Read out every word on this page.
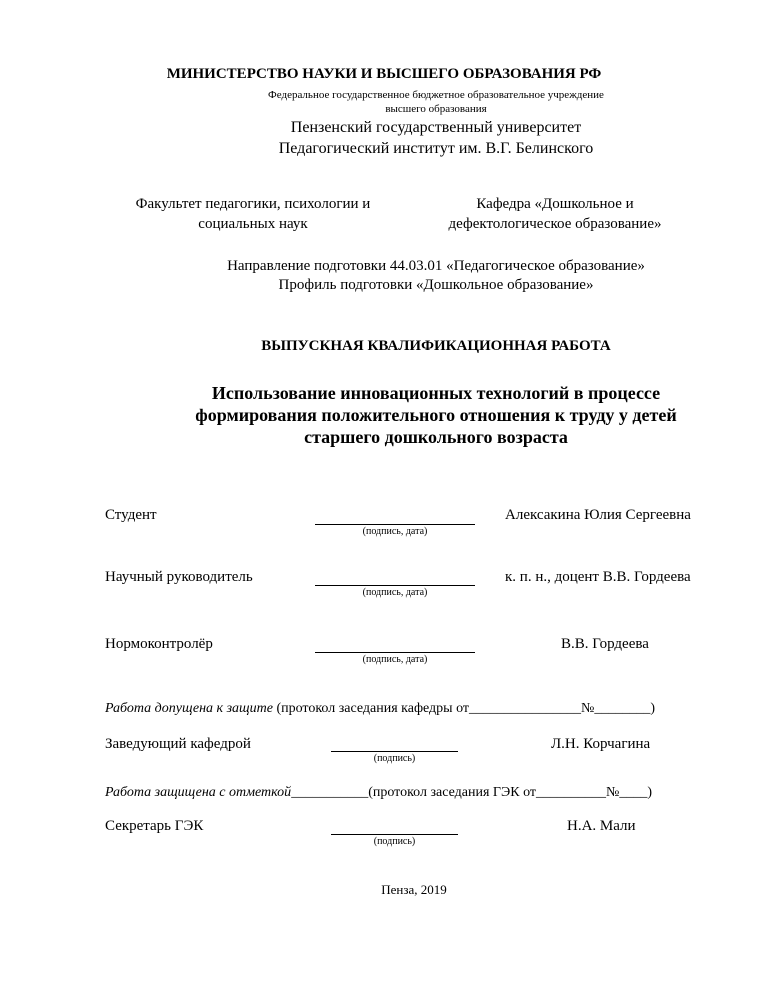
МИНИСТЕРСТВО НАУКИ И ВЫСШЕГО ОБРАЗОВАНИЯ РФ
Федеральное государственное бюджетное образовательное учреждение
высшего образования
Пензенский государственный университет
Педагогический институт им. В.Г. Белинского
Факультет педагогики, психологии и
социальных наук
Кафедра «Дошкольное и
дефектологическое образование»
Направление подготовки 44.03.01 «Педагогическое образование»
Профиль подготовки «Дошкольное образование»
ВЫПУСКНАЯ КВАЛИФИКАЦИОННАЯ РАБОТА
Использование инновационных технологий в процессе
формирования положительного отношения к труду у детей
старшего дошкольного возраста
Студент
(подпись, дата)
Алексакина Юлия Сергеевна
Научный руководитель
(подпись, дата)
к. п. н., доцент В.В. Гордеева
Нормоконтролёр
(подпись, дата)
В.В. Гордеева
Работа допущена к защите (протокол заседания кафедры от________________№________)
Заведующий кафедрой
(подпись)
Л.Н. Корчагина
Работа защищена с отметкой___________(протокол заседания ГЭК от__________№____)
Секретарь ГЭК
(подпись)
Н.А. Мали
Пенза, 2019
